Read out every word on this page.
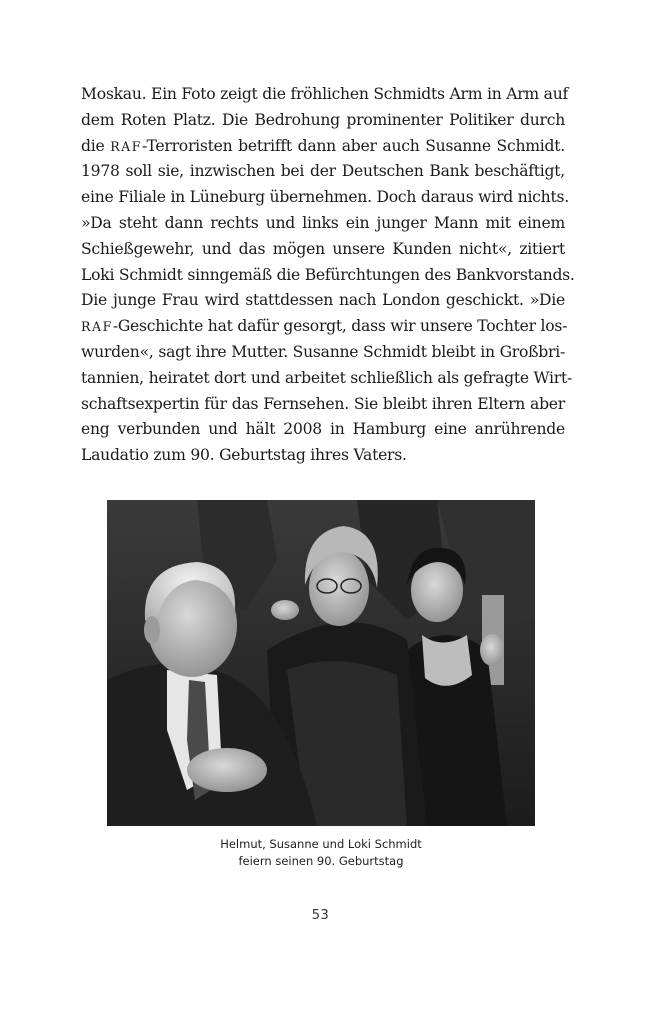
Moskau. Ein Foto zeigt die fröhlichen Schmidts Arm in Arm auf
dem Roten Platz. Die Bedrohung prominenter Politiker durch
die RAF-Terroristen betrifft dann aber auch Susanne Schmidt.
1978 soll sie, inzwischen bei der Deutschen Bank beschäftigt,
eine Filiale in Lüneburg übernehmen. Doch daraus wird nichts.
»Da steht dann rechts und links ein junger Mann mit einem
Schießgewehr, und das mögen unsere Kunden nicht«, zitiert
Loki Schmidt sinngemäß die Befürchtungen des Bankvorstands.
Die junge Frau wird stattdessen nach London geschickt. »Die
RAF-Geschichte hat dafür gesorgt, dass wir unsere Tochter los-
wurden«, sagt ihre Mutter. Susanne Schmidt bleibt in Großbri-
tannien, heiratet dort und arbeitet schließlich als gefragte Wirt-
schaftsexpertin für das Fernsehen. Sie bleibt ihren Eltern aber
eng verbunden und hält 2008 in Hamburg eine anrührende
Laudatio zum 90. Geburtstag ihres Vaters.
Helmut, Susanne und Loki Schmidt
feiern seinen 90. Geburtstag
53
